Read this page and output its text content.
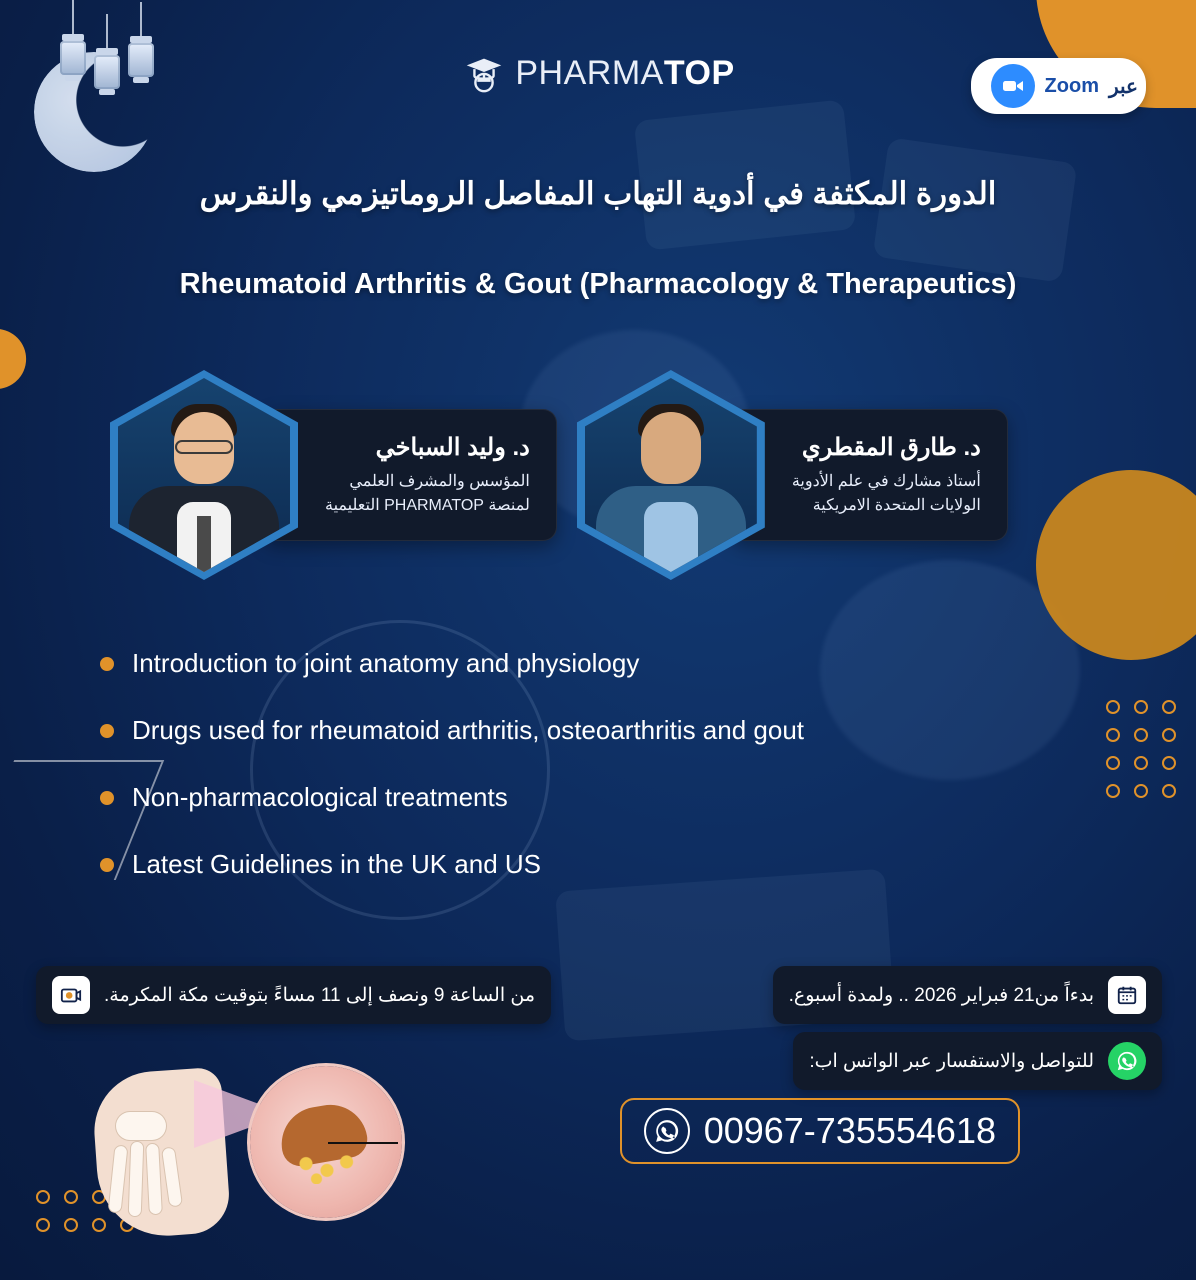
PHARMATOP	عبر
Zoom
الدورة المكثفة في أدوية التهاب المفاصل الروماتيزمي والنقرس
Rheumatoid Arthritis & Gout (Pharmacology & Therapeutics)
د. وليد السباخي
المؤسس والمشرف العلمي
لمنصة PHARMATOP التعليمية
د. طارق المقطري
أستاذ مشارك في علم الأدوية
الولايات المتحدة الامريكية
Introduction to joint anatomy and physiology
Drugs used for rheumatoid arthritis, osteoarthritis and gout
Non-pharmacological treatments
Latest Guidelines in the UK and US
بدءاً من21 فبراير 2026 .. ولمدة أسبوع.
من الساعة 9 ونصف إلى 11 مساءً بتوقيت مكة المكرمة.
للتواصل والاستفسار عبر الواتس اب:
00967-735554618
